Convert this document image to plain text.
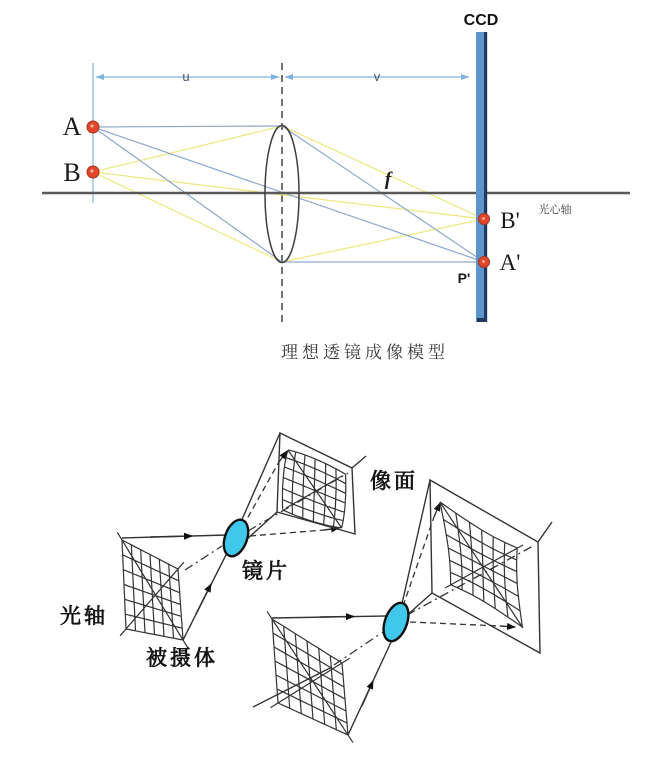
CCD
u	v
A
B	f
B'
A'
P'
光心轴
理想透镜成像模型
光轴
被摄体
镜片
像面
